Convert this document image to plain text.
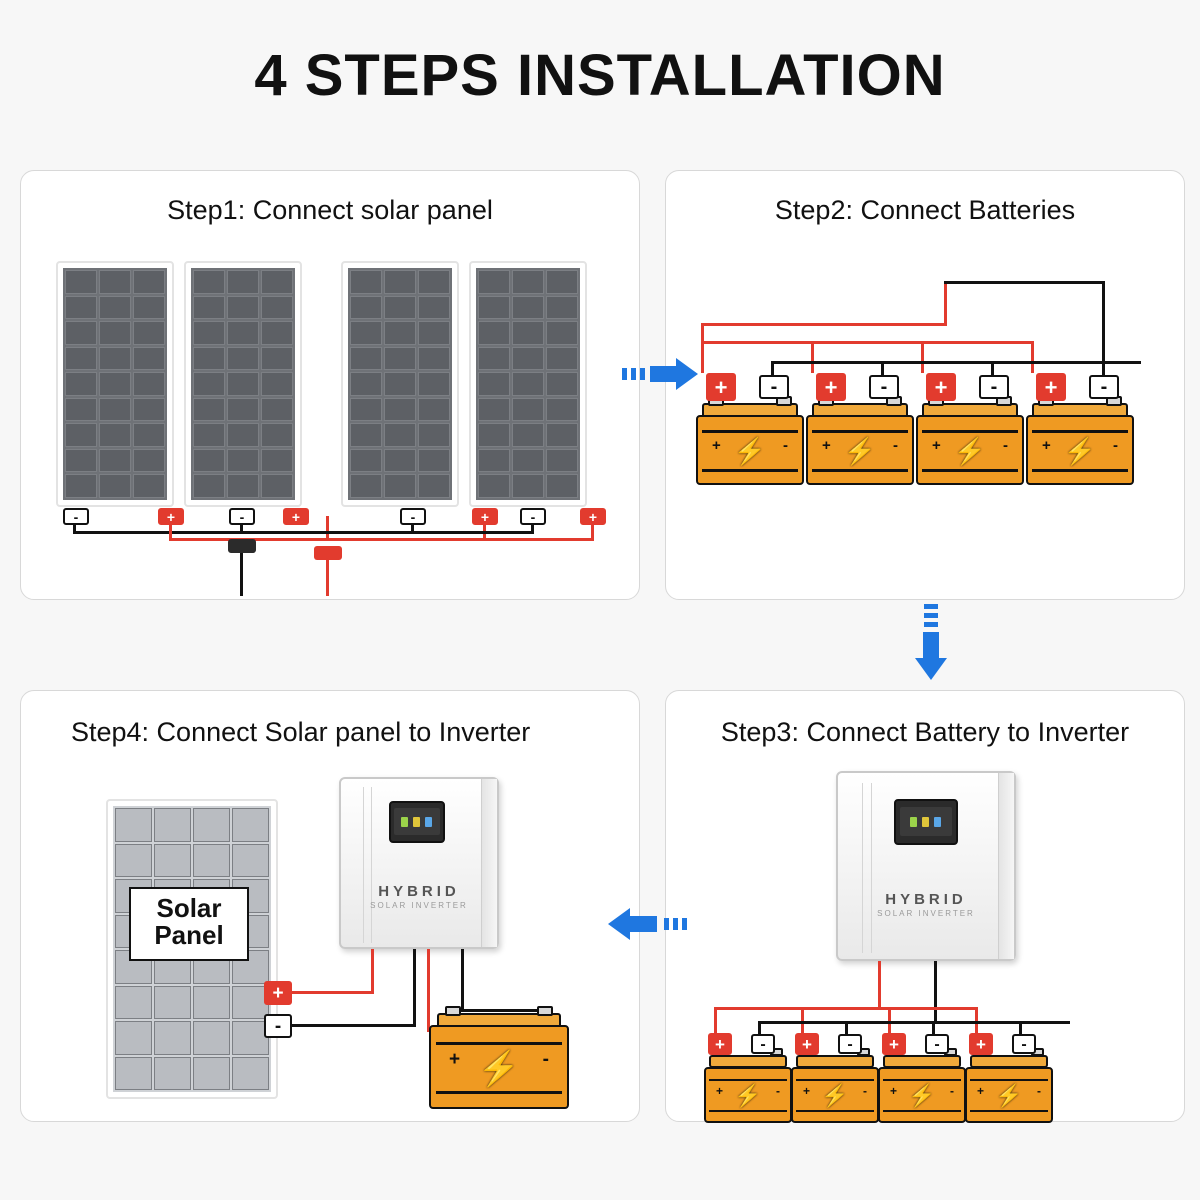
4 STEPS INSTALLATION
Step1: Connect solar panel
-	+	-	+	-	+	-	+
Step2: Connect Batteries
+	-
⚡	+	-
⚡	+	-
⚡	+	-
⚡
+	-	+	-	+	-	+	-
Step4: Connect Solar panel to Inverter
Solar
Panel
HYBRID
SOLAR INVERTER
+	-
⚡
+
-
Step3: Connect Battery to Inverter
HYBRID
SOLAR INVERTER
+	-
⚡	+	-
⚡	+	-
⚡	+	-
⚡
+	-	+	-	+	-	+	-
